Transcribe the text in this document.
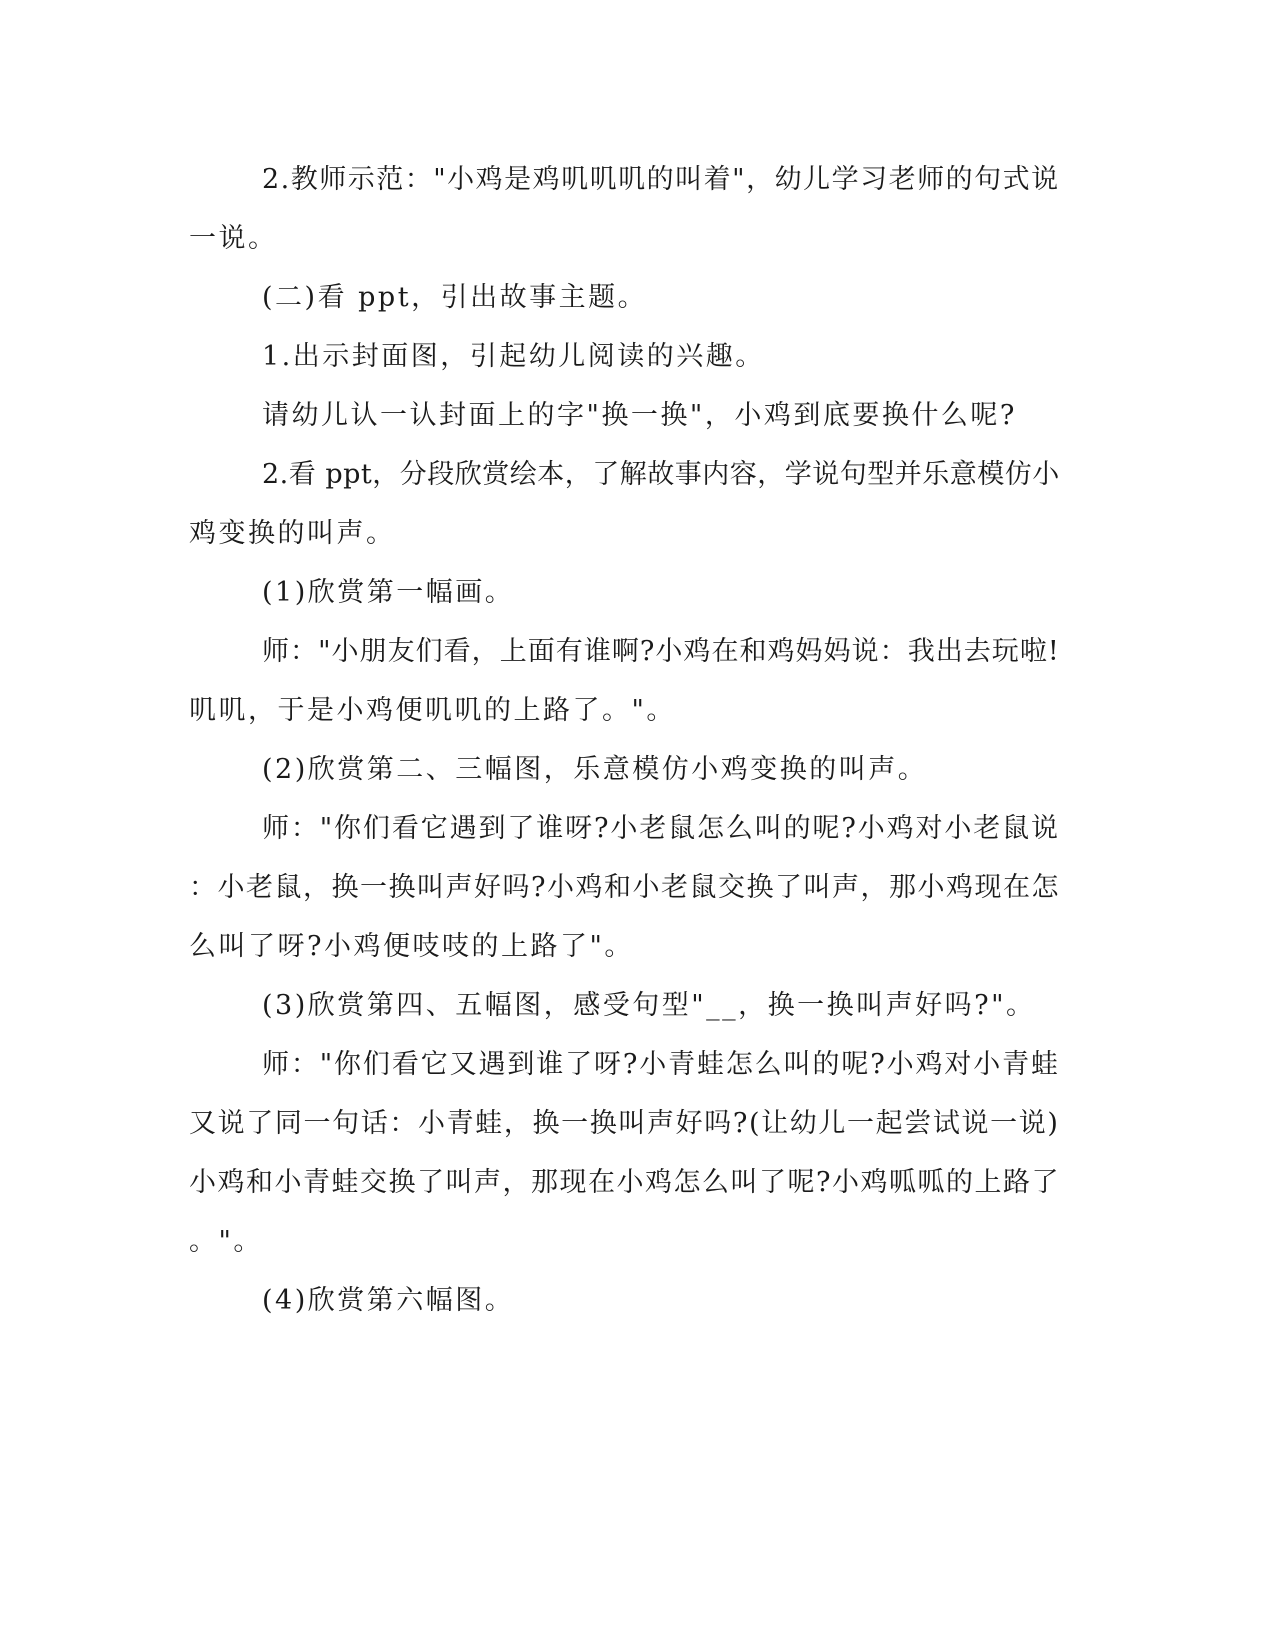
2.教师示范："小鸡是鸡叽叽叽的叫着"，幼儿学习老师的句式说
一说。
(二)看 ppt，引出故事主题。
1.出示封面图，引起幼儿阅读的兴趣。
请幼儿认一认封面上的字"换一换"，小鸡到底要换什么呢?
2.看 ppt，分段欣赏绘本，了解故事内容，学说句型并乐意模仿小
鸡变换的叫声。
(1)欣赏第一幅画。
师："小朋友们看，上面有谁啊?小鸡在和鸡妈妈说：我出去玩啦!
叽叽，于是小鸡便叽叽的上路了。"。
(2)欣赏第二、三幅图，乐意模仿小鸡变换的叫声。
师："你们看它遇到了谁呀?小老鼠怎么叫的呢?小鸡对小老鼠说
：小老鼠，换一换叫声好吗?小鸡和小老鼠交换了叫声，那小鸡现在怎
么叫了呀?小鸡便吱吱的上路了"。
(3)欣赏第四、五幅图，感受句型"__，换一换叫声好吗?"。
师："你们看它又遇到谁了呀?小青蛙怎么叫的呢?小鸡对小青蛙
又说了同一句话：小青蛙，换一换叫声好吗?(让幼儿一起尝试说一说)
小鸡和小青蛙交换了叫声，那现在小鸡怎么叫了呢?小鸡呱呱的上路了
。"。
(4)欣赏第六幅图。
